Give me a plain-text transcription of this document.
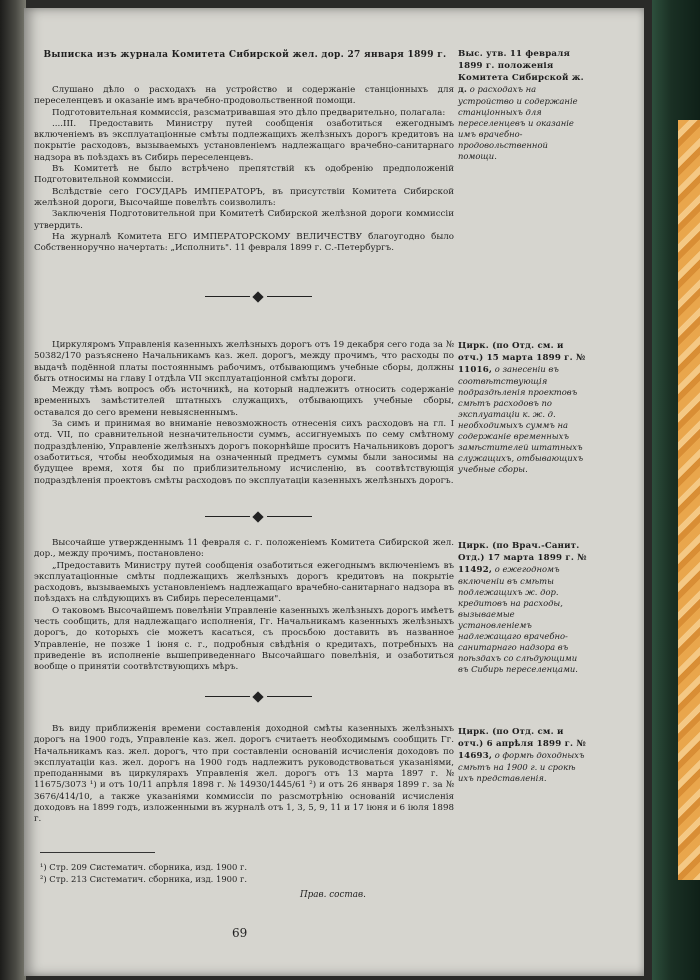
Выписка изъ журнала Комитета Сибирской жел. дор. 27 января 1899 г.

Слушано дѣло о расходахъ на устройство и содержаніе станціонныхъ для переселенцевъ и оказаніе имъ врачебно-продовольственной помощи.

Подготовительная коммиссія, разсматривавшая это дѣло предварительно, полагала:

....III. Предоставить Министру путей сообщенія озаботиться ежегоднымъ включеніемъ въ эксплуатаціонные смѣты подлежащихъ желѣзныхъ дорогъ кредитовъ на покрытіе расходовъ, вызываемыхъ установленіемъ надлежащаго врачебно-санитарнаго надзора въ поѣздахъ въ Сибирь переселенцевъ.

Въ Комитетѣ не было встрѣчено препятствій къ одобренію предположеній Подготовительной коммиссіи.

Вслѣдствіе сего ГОСУДАРЬ ИМПЕРАТОРЪ, въ присутствіи Комитета Сибирской желѣзной дороги, Высочайше повелѣть соизволилъ:

Заключенія Подготовительной при Комитетѣ Сибирской желѣзной дороги коммиссіи утвердить.

На журналѣ Комитета ЕГО ИМПЕРАТОРСКОМУ ВЕЛИЧЕСТВУ благоугодно было Собственноручно начертать: „Исполнить". 11 февраля 1899 г. С.-Петербургъ.

Выс. утв. 11 февраля 1899 г. положенія Комитета Сибирской ж. д. о расходахъ на устройство и содержаніе станціонныхъ для переселенцевъ и оказаніе имъ врачебно-продовольственной помощи.

Циркуляромъ Управленія казенныхъ желѣзныхъ дорогъ отъ 19 декабря сего года за № 50382/170 разъяснено Начальникамъ каз. жел. дорогъ, между прочимъ, что расходы по выдачѣ подённой платы постояннымъ рабочимъ, отбывающимъ учебные сборы, должны быть относимы на главу I отдѣла VII эксплуатаціонной смѣты дороги.

Между тѣмъ вопросъ объ источникѣ, на который надлежитъ относить содержаніе временныхъ замѣстителей штатныхъ служащихъ, отбывающихъ учебные сборы, оставался до сего времени невыясненнымъ.

За симъ и принимая во вниманіе невозможность отнесенія сихъ расходовъ на гл. I отд. VII, по сравнительной незначительности суммъ, ассигнуемыхъ по сему смѣтному подраздѣленію, Управленіе желѣзныхъ дорогъ покорнѣйше проситъ Начальниковъ дорогъ озаботиться, чтобы необходимыя на означенный предметъ суммы были заносимы на будущее время, хотя бы по приблизительному исчисленію, въ соотвѣтствующія подраздѣленія проектовъ смѣты расходовъ по эксплуатаціи казенныхъ желѣзныхъ дорогъ.

Цирк. (по Отд. см. и отч.) 15 марта 1899 г. № 11016, о занесеніи въ соотвѣтствующія подраздѣленія проектовъ смѣтъ расходовъ по эксплуатаціи к. ж. д. необходимыхъ суммъ на содержаніе временныхъ замѣстителей штатныхъ служащихъ, отбывающихъ учебные сборы.

Высочайше утвержденнымъ 11 февраля с. г. положеніемъ Комитета Сибирской жел. дор., между прочимъ, постановлено:

„Предоставить Министру путей сообщенія озаботиться ежегоднымъ включеніемъ въ эксплуатаціонные смѣты подлежащихъ желѣзныхъ дорогъ кредитовъ на покрытіе расходовъ, вызываемыхъ установленіемъ надлежащаго врачебно-санитарнаго надзора въ поѣздахъ на слѣдующихъ въ Сибирь переселенцами".

О таковомъ Высочайшемъ повелѣніи Управленіе казенныхъ желѣзныхъ дорогъ имѣетъ честь сообщить, для надлежащаго исполненія, Гг. Начальникамъ казенныхъ желѣзныхъ дорогъ, до которыхъ сіе можетъ касаться, съ просьбою доставить въ названное Управленіе, не позже 1 іюня с. г., подробныя свѣдѣнія о кредитахъ, потребныхъ на приведеніе въ исполненіе вышеприведеннаго Высочайшаго повелѣнія, и озаботиться вообще о принятіи соотвѣтствующихъ мѣръ.

Цирк. (по Врач.-Санит. Отд.) 17 марта 1899 г. № 11492, о ежегодномъ включеніи въ смѣты подлежащихъ ж. дор. кредитовъ на расходы, вызываемые установленіемъ надлежащаго врачебно-санитарнаго надзора въ поѣздахъ со слѣдующими въ Сибирь переселенцами.

Въ виду приближенія времени составленія доходной смѣты казенныхъ желѣзныхъ дорогъ на 1900 годъ, Управленіе каз. жел. дорогъ считаетъ необходимымъ сообщить Гг. Начальникамъ каз. жел. дорогъ, что при составленіи основаній исчисленія доходовъ по эксплуатаціи каз. жел. дорогъ на 1900 годъ надлежитъ руководствоваться указаніями, преподанными въ циркулярахъ Управленія жел. дорогъ отъ 13 марта 1897 г. № 11675/3073 ¹) и отъ 10/11 апрѣля 1898 г. № 14930/1445/61 ²) и отъ 26 января 1899 г. за № 3676/414/10, а также указаніями коммиссіи по разсмотрѣнію основаній исчисленія доходовъ на 1899 годъ, изложенными въ журналѣ отъ 1, 3, 5, 9, 11 и 17 іюня и 6 іюля 1898 г.

Цирк. (по Отд. см. и отч.) 6 апрѣля 1899 г. № 14693, о формѣ доходныхъ смѣтъ на 1900 г. и срокѣ ихъ представленія.
¹) Стр. 209 Систематич. сборника, изд. 1900 г.
²) Стр. 213 Систематич. сборника, изд. 1900 г.
Прав. состав.
69
